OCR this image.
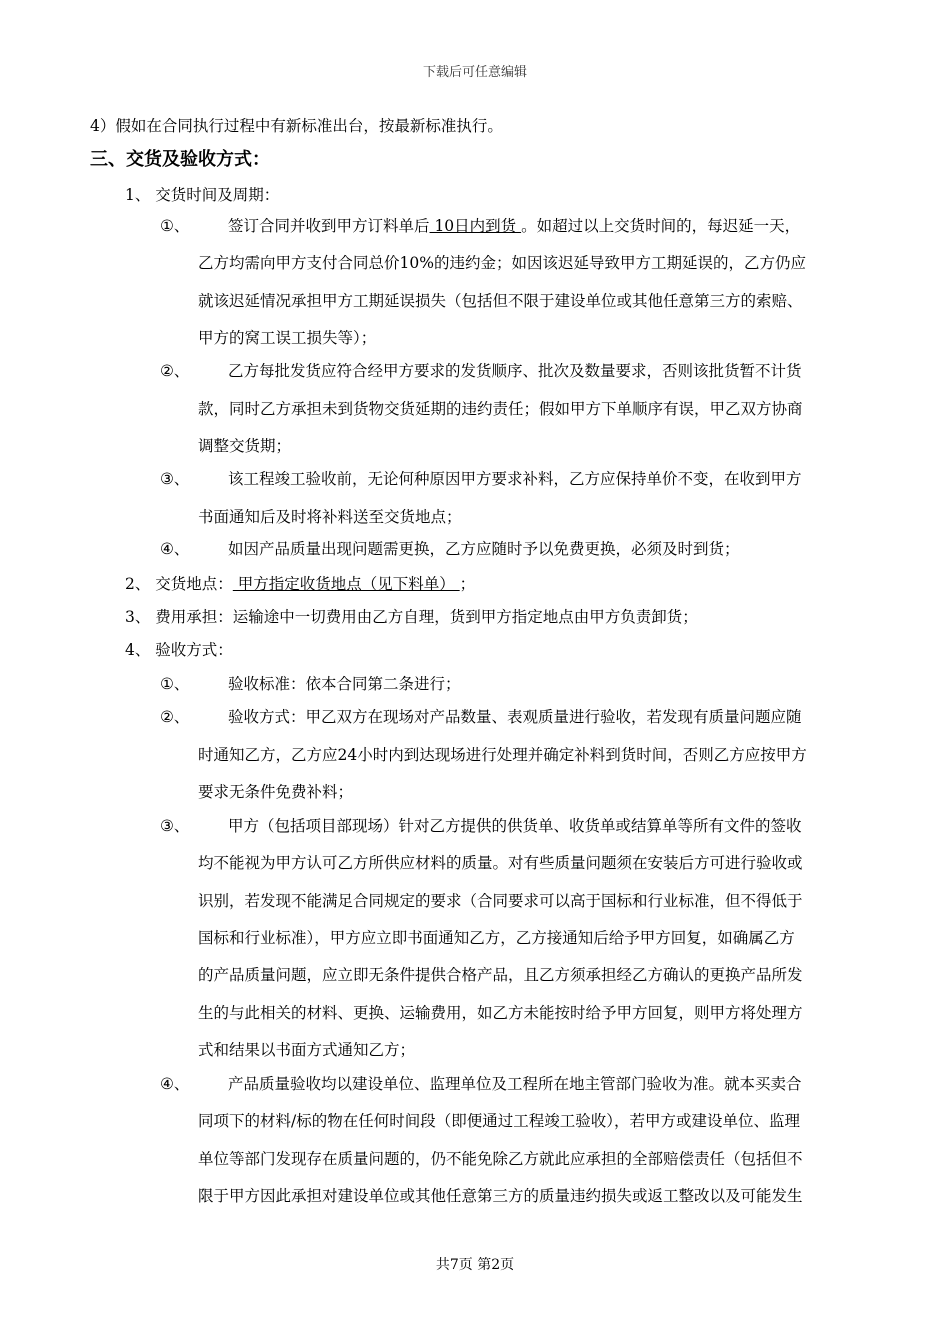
下载后可任意编辑
4）假如在合同执行过程中有新标准出台，按最新标准执行。
三、交货及验收方式：
1、 交货时间及周期：
①、 签订合同并收到甲方订料单后 10日内到货 。如超过以上交货时间的，每迟延一天，
乙方均需向甲方支付合同总价10%的违约金；如因该迟延导致甲方工期延误的，乙方仍应
就该迟延情况承担甲方工期延误损失（包括但不限于建设单位或其他任意第三方的索赔、
甲方的窝工误工损失等）；
②、 乙方每批发货应符合经甲方要求的发货顺序、批次及数量要求，否则该批货暂不计货
款，同时乙方承担未到货物交货延期的违约责任；假如甲方下单顺序有误，甲乙双方协商
调整交货期；
③、 该工程竣工验收前，无论何种原因甲方要求补料，乙方应保持单价不变，在收到甲方
书面通知后及时将补料送至交货地点；
④、 如因产品质量出现问题需更换，乙方应随时予以免费更换，必须及时到货；
2、 交货地点： 甲方指定收货地点（见下料单） ；
3、 费用承担：运输途中一切费用由乙方自理，货到甲方指定地点由甲方负责卸货；
4、 验收方式：
①、 验收标准：依本合同第二条进行；
②、 验收方式：甲乙双方在现场对产品数量、表观质量进行验收，若发现有质量问题应随
时通知乙方，乙方应24小时内到达现场进行处理并确定补料到货时间，否则乙方应按甲方
要求无条件免费补料；
③、 甲方（包括项目部现场）针对乙方提供的供货单、收货单或结算单等所有文件的签收
均不能视为甲方认可乙方所供应材料的质量。对有些质量问题须在安装后方可进行验收或
识别，若发现不能满足合同规定的要求（合同要求可以高于国标和行业标准，但不得低于
国标和行业标准），甲方应立即书面通知乙方，乙方接通知后给予甲方回复，如确属乙方
的产品质量问题，应立即无条件提供合格产品，且乙方须承担经乙方确认的更换产品所发
生的与此相关的材料、更换、运输费用，如乙方未能按时给予甲方回复，则甲方将处理方
式和结果以书面方式通知乙方；
④、 产品质量验收均以建设单位、监理单位及工程所在地主管部门验收为准。就本买卖合
同项下的材料/标的物在任何时间段（即便通过工程竣工验收），若甲方或建设单位、监理
单位等部门发现存在质量问题的，仍不能免除乙方就此应承担的全部赔偿责任（包括但不
限于甲方因此承担对建设单位或其他任意第三方的质量违约损失或返工整改以及可能发生
共7页 第2页
